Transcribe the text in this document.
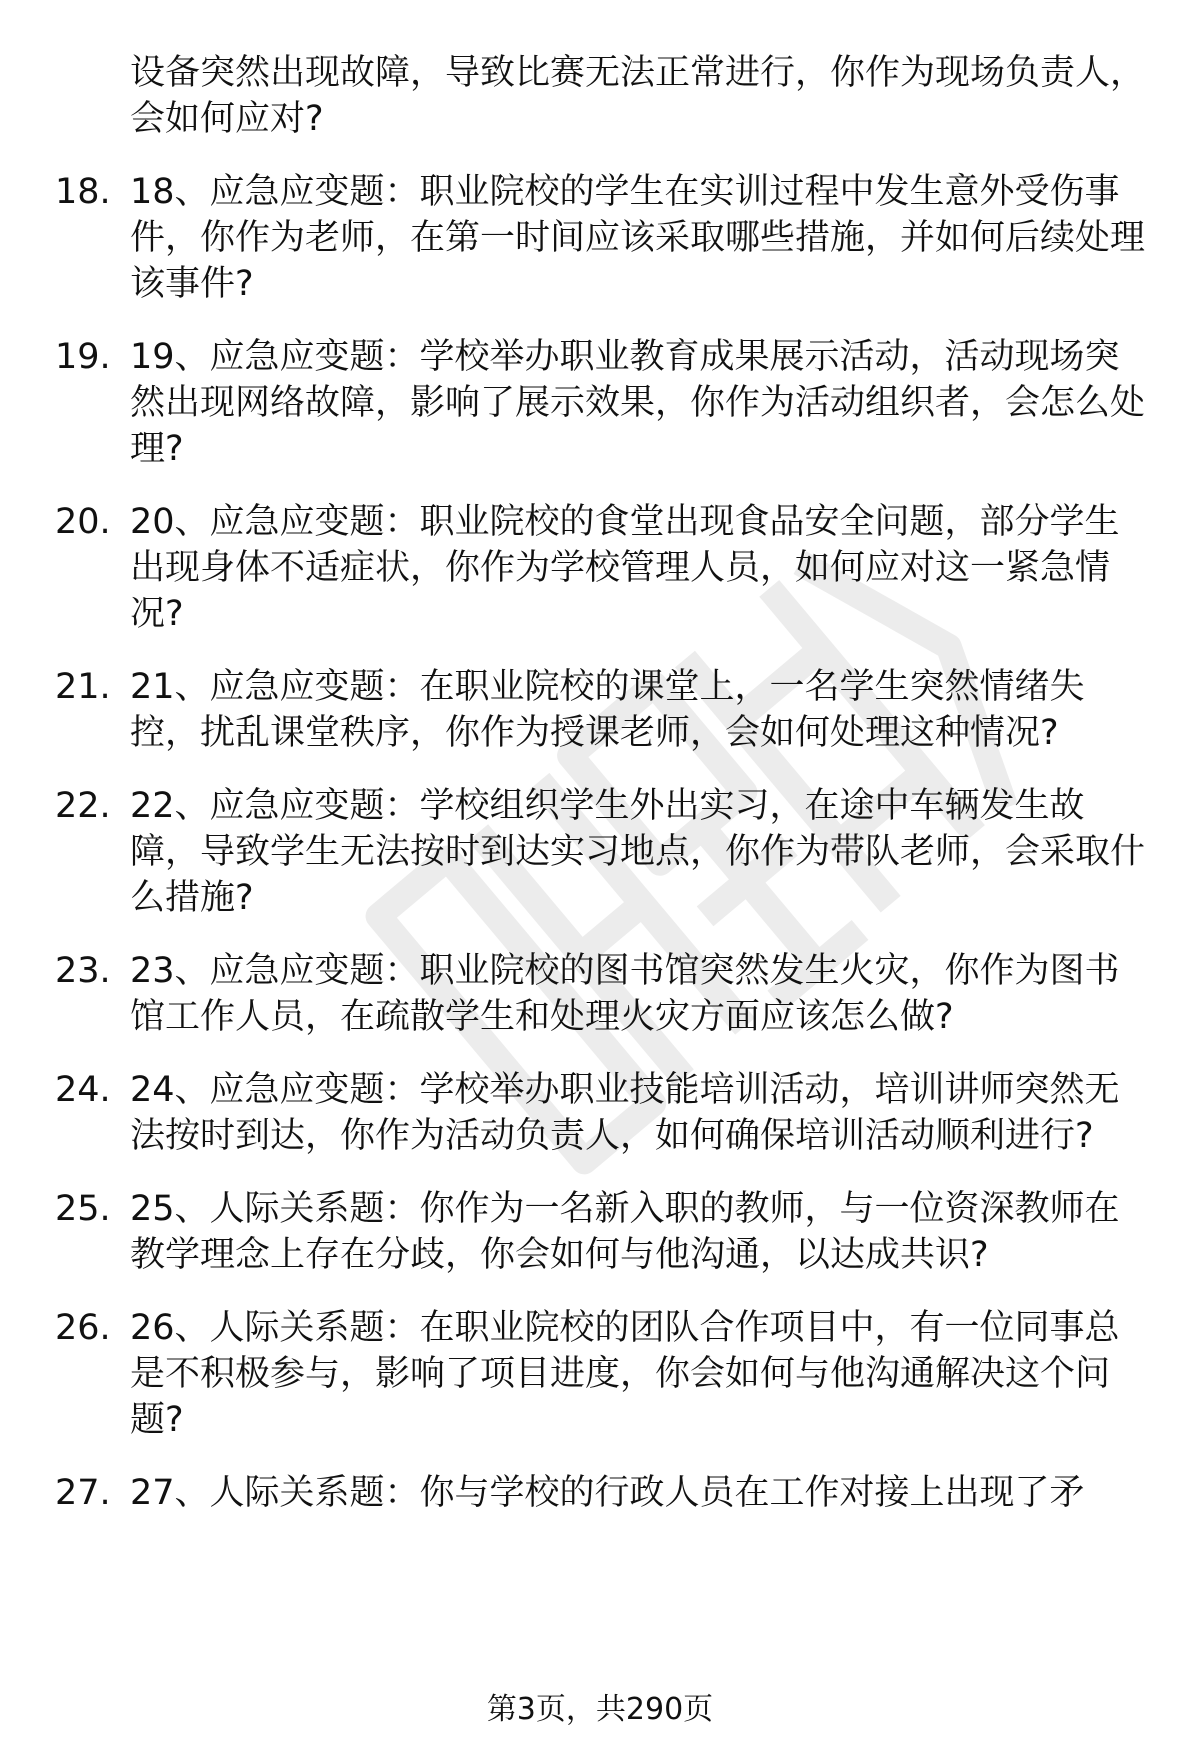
设备突然出现故障，导致比赛无法正常进行，你作为现场负责人，会如何应对?
18. 18、应急应变题：职业院校的学生在实训过程中发生意外受伤事件，你作为老师，在第一时间应该采取哪些措施，并如何后续处理该事件?
19. 19、应急应变题：学校举办职业教育成果展示活动，活动现场突然出现网络故障，影响了展示效果，你作为活动组织者，会怎么处理?
20. 20、应急应变题：职业院校的食堂出现食品安全问题，部分学生出现身体不适症状，你作为学校管理人员，如何应对这一紧急情况?
21. 21、应急应变题：在职业院校的课堂上，一名学生突然情绪失控，扰乱课堂秩序，你作为授课老师，会如何处理这种情况?
22. 22、应急应变题：学校组织学生外出实习，在途中车辆发生故障，导致学生无法按时到达实习地点，你作为带队老师，会采取什么措施?
23. 23、应急应变题：职业院校的图书馆突然发生火灾，你作为图书馆工作人员，在疏散学生和处理火灾方面应该怎么做?
24. 24、应急应变题：学校举办职业技能培训活动，培训讲师突然无法按时到达，你作为活动负责人，如何确保培训活动顺利进行?
25. 25、人际关系题：你作为一名新入职的教师，与一位资深教师在教学理念上存在分歧，你会如何与他沟通，以达成共识?
26. 26、人际关系题：在职业院校的团队合作项目中，有一位同事总是不积极参与，影响了项目进度，你会如何与他沟通解决这个问题?
27. 27、人际关系题：你与学校的行政人员在工作对接上出现了矛
第3页，共290页
